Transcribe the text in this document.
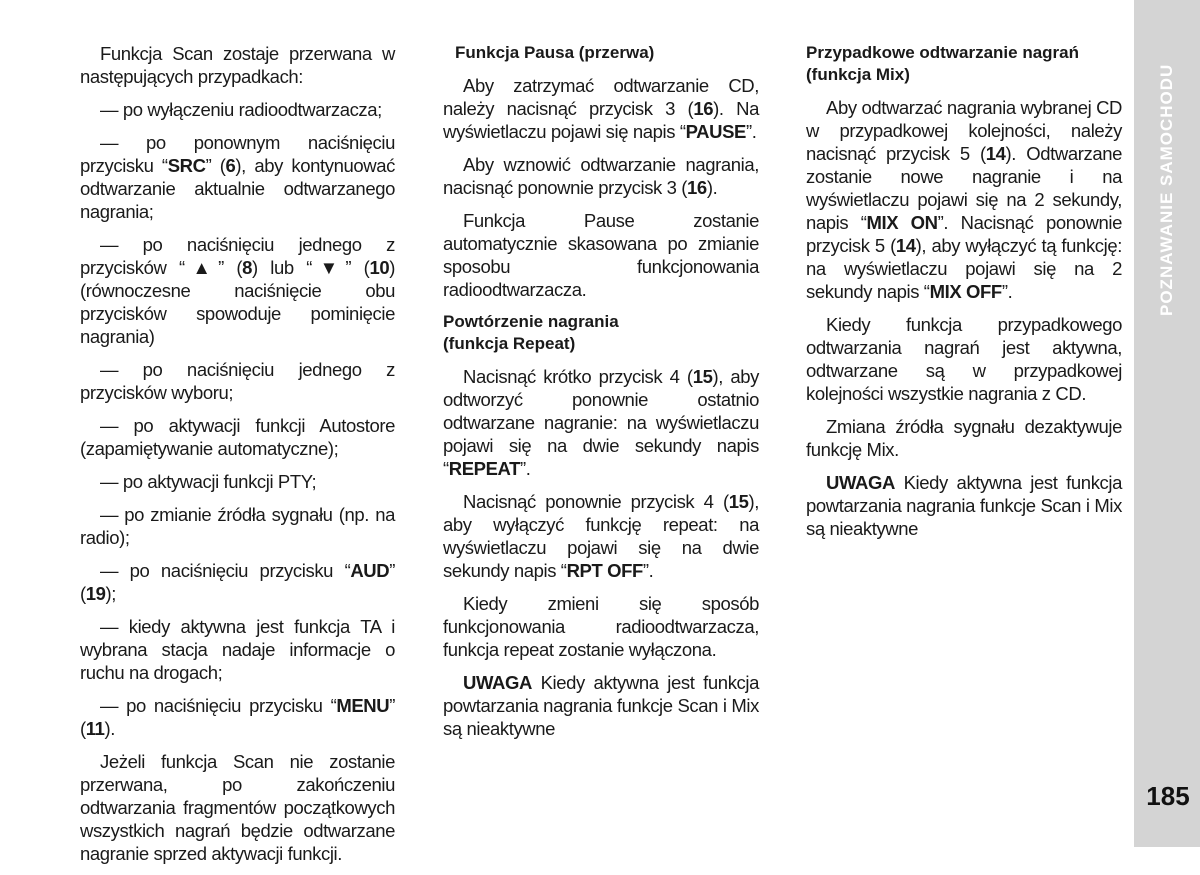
Funkcja Scan zostaje przerwana w następujących przypadkach:

— po wyłączeniu radioodtwarzacza;

— po ponownym naciśnięciu przycisku “SRC” (6), aby kontynuować odtwarzanie aktualnie odtwarzanego nagrania;

— po naciśnięciu jednego z przycisków “▲” (8) lub “▼” (10) (równoczesne naciśnięcie obu przycisków spowoduje pominięcie nagrania)

— po naciśnięciu jednego z przycisków wyboru;

— po aktywacji funkcji Autostore (zapamiętywanie automatyczne);

— po aktywacji funkcji PTY;

— po zmianie źródła sygnału (np. na radio);

— po naciśnięciu przycisku “AUD” (19);

— kiedy aktywna jest funkcja TA i wybrana stacja nadaje informacje o ruchu na drogach;

— po naciśnięciu przycisku “MENU” (11).

Jeżeli funkcja Scan nie zostanie przerwana, po zakończeniu odtwarzania fragmentów początkowych wszystkich nagrań będzie odtwarzane nagranie sprzed aktywacji funkcji.

Funkcja Pausa (przerwa)

Aby zatrzymać odtwarzanie CD, należy nacisnąć przycisk 3 (16). Na wyświetlaczu pojawi się napis “PAUSE”.

Aby wznowić odtwarzanie nagrania, nacisnąć ponownie przycisk 3 (16).

Funkcja Pause zostanie automatycznie skasowana po zmianie sposobu funkcjonowania radioodtwarzacza.

Powtórzenie nagrania
(funkcja Repeat)

Nacisnąć krótko przycisk 4 (15), aby odtworzyć ponownie ostatnio odtwarzane nagranie: na wyświetlaczu pojawi się na dwie sekundy napis “REPEAT”.

Nacisnąć ponownie przycisk 4 (15), aby wyłączyć funkcję repeat: na wyświetlaczu pojawi się na dwie sekundy napis “RPT OFF”.

Kiedy zmieni się sposób funkcjonowania radioodtwarzacza, funkcja repeat zostanie wyłączona.

UWAGA Kiedy aktywna jest funkcja powtarzania nagrania funkcje Scan i Mix są nieaktywne

Przypadkowe odtwarzanie nagrań
(funkcja Mix)

Aby odtwarzać nagrania wybranej CD w przypadkowej kolejności, należy nacisnąć przycisk 5 (14). Odtwarzane zostanie nowe nagranie i na wyświetlaczu pojawi się na 2 sekundy, napis “MIX ON”. Nacisnąć ponownie przycisk 5 (14), aby wyłączyć tą funkcję: na wyświetlaczu pojawi się na 2 sekundy napis “MIX OFF”.

Kiedy funkcja przypadkowego odtwarzania nagrań jest aktywna, odtwarzane są w przypadkowej kolejności wszystkie nagrania z CD.

Zmiana źródła sygnału dezaktywuje funkcję Mix.

UWAGA Kiedy aktywna jest funkcja powtarzania nagrania funkcje Scan i Mix są nieaktywne

POZNAWANIE SAMOCHODU
185
